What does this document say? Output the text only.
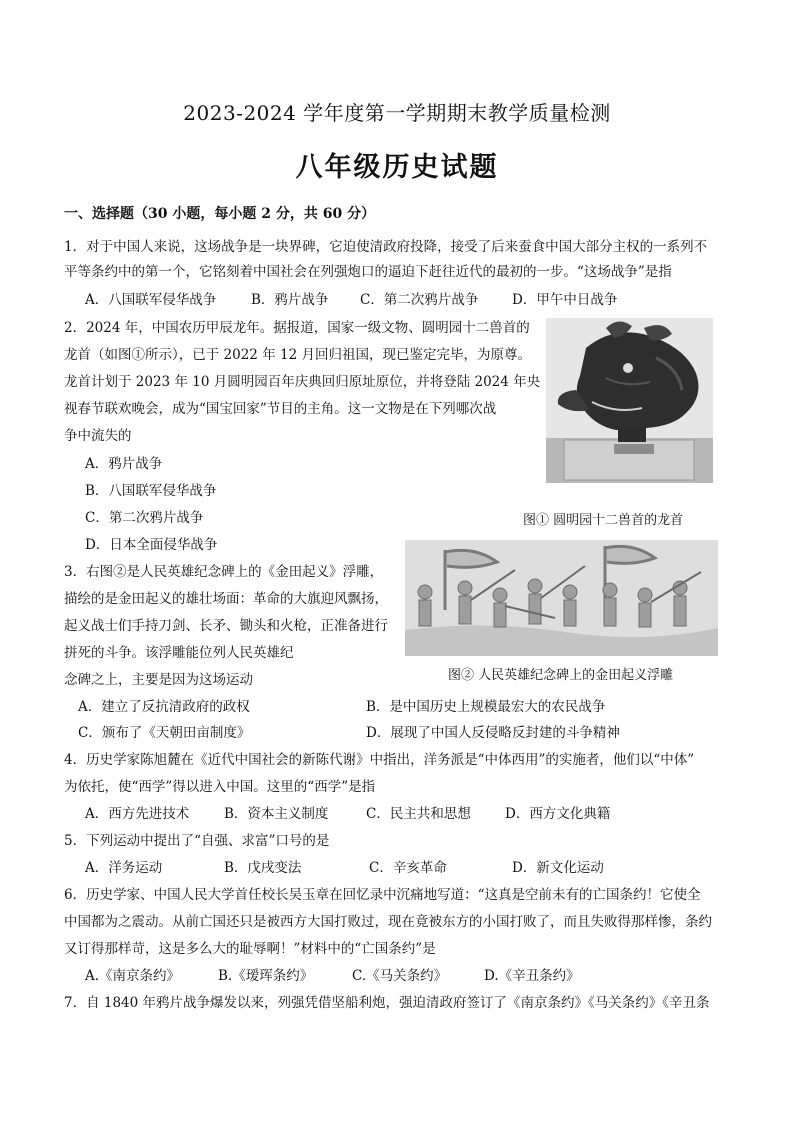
2023-2024 学年度第一学期期末教学质量检测
八年级历史试题
一、选择题（30 小题，每小题 2 分，共 60 分）
1．对于中国人来说，这场战争是一块界碑，它迫使清政府投降，接受了后来蚕食中国大部分主权的一系列不
平等条约中的第一个，它铭刻着中国社会在列强炮口的逼迫下赶往近代的最初的一步。“这场战争”是指
A．八国联军侵华战争	B．鸦片战争 C．第二次鸦片战争 D．甲午中日战争
2．2024 年，中国农历甲辰龙年。据报道，国家一级文物、圆明园十二兽首的
龙首（如图①所示），已于 2022 年 12 月回归祖国，现已鉴定完毕，为原尊。
龙首计划于 2023 年 10 月圆明园百年庆典回归原址原位，并将登陆 2024 年央
视春节联欢晚会，成为“国宝回家”节目的主角。这一文物是在下列哪次战
争中流失的
A．鸦片战争
B．八国联军侵华战争
C．第二次鸦片战争
D．日本全面侵华战争
图① 圆明园十二兽首的龙首
3．右图②是人民英雄纪念碑上的《金田起义》浮雕，
描绘的是金田起义的雄壮场面：革命的大旗迎风飘扬，
起义战士们手持刀剑、长矛、锄头和火枪，正准备进行
拼死的斗争。该浮雕能位列人民英雄纪
念碑之上，主要是因为这场运动	图② 人民英雄纪念碑上的金田起义浮雕
A．建立了反抗清政府的政权	B．是中国历史上规模最宏大的农民战争
C．颁布了《天朝田亩制度》	D．展现了中国人反侵略反封建的斗争精神
4．历史学家陈旭麓在《近代中国社会的新陈代谢》中指出，洋务派是“中体西用”的实施者，他们以“中体”
为依托，使“西学”得以进入中国。这里的“西学”是指
A．西方先进技术	B．资本主义制度	C．民主共和思想	D．西方文化典籍
5．下列运动中提出了“自强、求富”口号的是
A．洋务运动	B．戊戌变法	C．辛亥革命	D．新文化运动
6．历史学家、中国人民大学首任校长吴玉章在回忆录中沉痛地写道：“这真是空前未有的亡国条约！它使全
中国都为之震动。从前亡国还只是被西方大国打败过，现在竟被东方的小国打败了，而且失败得那样惨，条约
又订得那样苛，这是多么大的耻辱啊！”材料中的“亡国条约”是
A.《南京条约》	B.《瑷珲条约》	C.《马关条约》	D.《辛丑条约》
7．自 1840 年鸦片战争爆发以来，列强凭借坚船利炮，强迫清政府签订了《南京条约》《马关条约》《辛丑条
